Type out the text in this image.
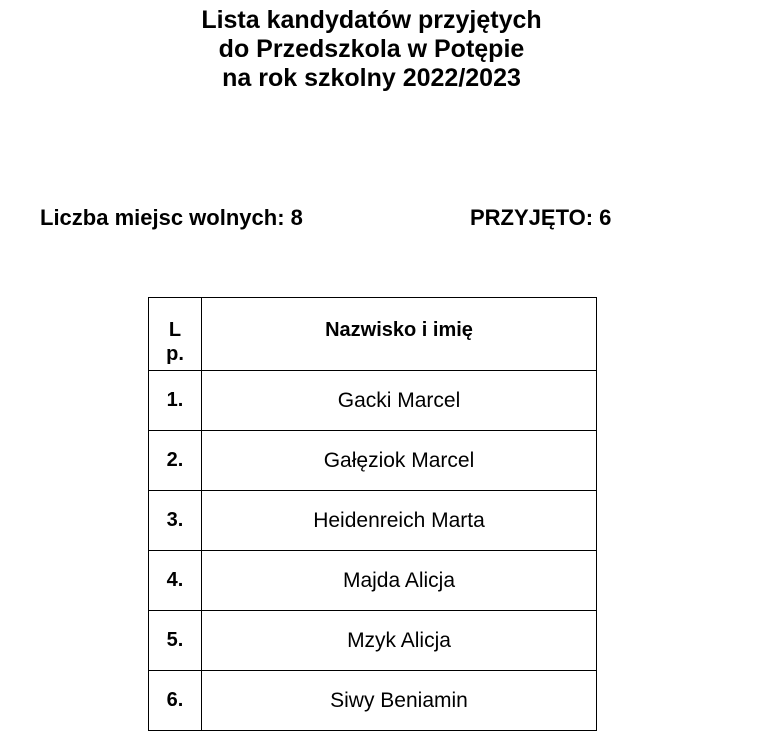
Lista kandydatów przyjętych
do Przedszkola w Potępie
na rok szkolny 2022/2023
Liczba miejsc wolnych: 8	PRZYJĘTO: 6
Lp.	Nazwisko i imię
1.	Gacki Marcel
2.	Gałęziok Marcel
3.	Heidenreich Marta
4.	Majda Alicja
5.	Mzyk Alicja
6.	Siwy Beniamin
